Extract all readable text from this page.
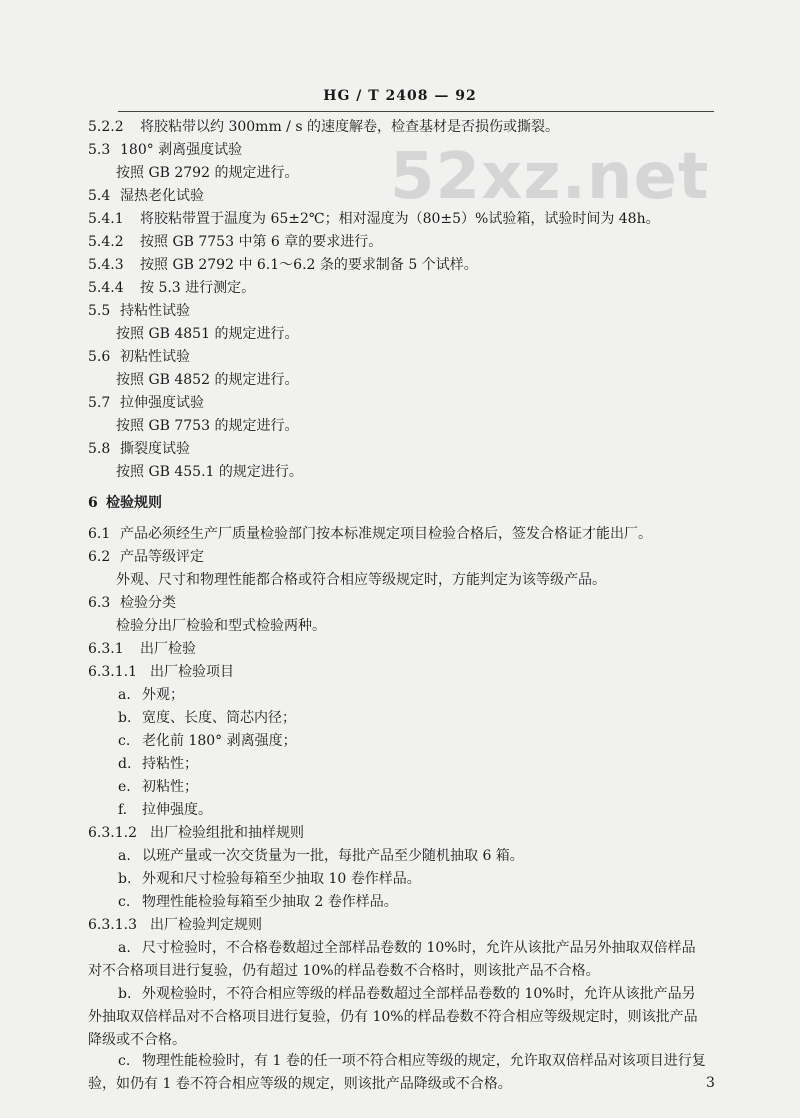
HG / T 2408 — 92
52xz.net
5.2.2 将胶粘带以约 300mm / s 的速度解卷，检查基材是否损伤或撕裂。
5.3 180° 剥离强度试验
按照 GB 2792 的规定进行。
5.4 湿热老化试验
5.4.1 将胶粘带置于温度为 65±2℃；相对湿度为（80±5）%试验箱，试验时间为 48h。
5.4.2 按照 GB 7753 中第 6 章的要求进行。
5.4.3 按照 GB 2792 中 6.1～6.2 条的要求制备 5 个试样。
5.4.4 按 5.3 进行测定。
5.5 持粘性试验
按照 GB 4851 的规定进行。
5.6 初粘性试验
按照 GB 4852 的规定进行。
5.7 拉伸强度试验
按照 GB 7753 的规定进行。
5.8 撕裂度试验
按照 GB 455.1 的规定进行。
6 检验规则
6.1 产品必须经生产厂质量检验部门按本标准规定项目检验合格后，签发合格证才能出厂。
6.2 产品等级评定
外观、尺寸和物理性能都合格或符合相应等级规定时，方能判定为该等级产品。
6.3 检验分类
检验分出厂检验和型式检验两种。
6.3.1 出厂检验
6.3.1.1 出厂检验项目
a. 外观；
b. 宽度、长度、筒芯内径；
c. 老化前 180° 剥离强度；
d. 持粘性；
e. 初粘性；
f. 拉伸强度。
6.3.1.2 出厂检验组批和抽样规则
a. 以班产量或一次交货量为一批，每批产品至少随机抽取 6 箱。
b. 外观和尺寸检验每箱至少抽取 10 卷作样品。
c. 物理性能检验每箱至少抽取 2 卷作样品。
6.3.1.3 出厂检验判定规则
a. 尺寸检验时，不合格卷数超过全部样品卷数的 10%时，允许从该批产品另外抽取双倍样品
对不合格项目进行复验，仍有超过 10%的样品卷数不合格时，则该批产品不合格。
b. 外观检验时，不符合相应等级的样品卷数超过全部样品卷数的 10%时，允许从该批产品另
外抽取双倍样品对不合格项目进行复验，仍有 10%的样品卷数不符合相应等级规定时，则该批产品
降级或不合格。
c. 物理性能检验时，有 1 卷的任一项不符合相应等级的规定，允许取双倍样品对该项目进行复
验，如仍有 1 卷不符合相应等级的规定，则该批产品降级或不合格。	3
